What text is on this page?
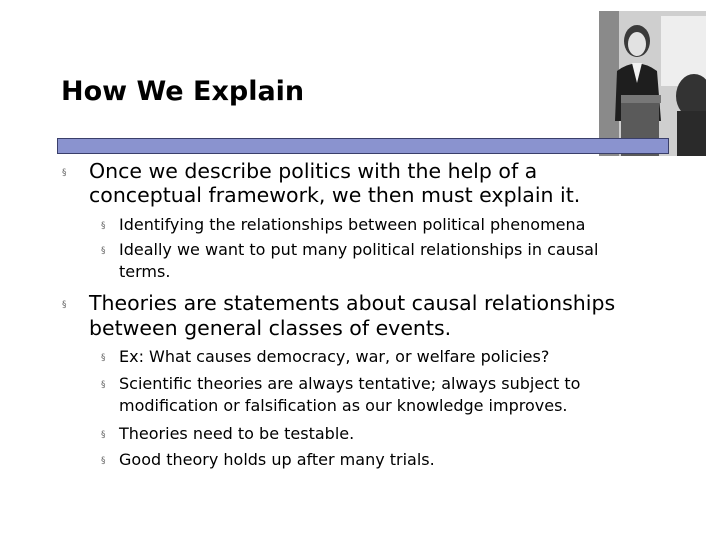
How We Explain
§ Once we describe politics with the help of a
conceptual framework, we then must explain it.
§ Identifying the relationships between political phenomena
§ Ideally we want to put many political relationships in causal
terms.
§ Theories are statements about causal relationships
between general classes of events.
§ Ex: What causes democracy, war, or welfare policies?
§ Scientific theories are always tentative; always subject to
modification or falsification as our knowledge improves.
§ Theories need to be testable.
§ Good theory holds up after many trials.
